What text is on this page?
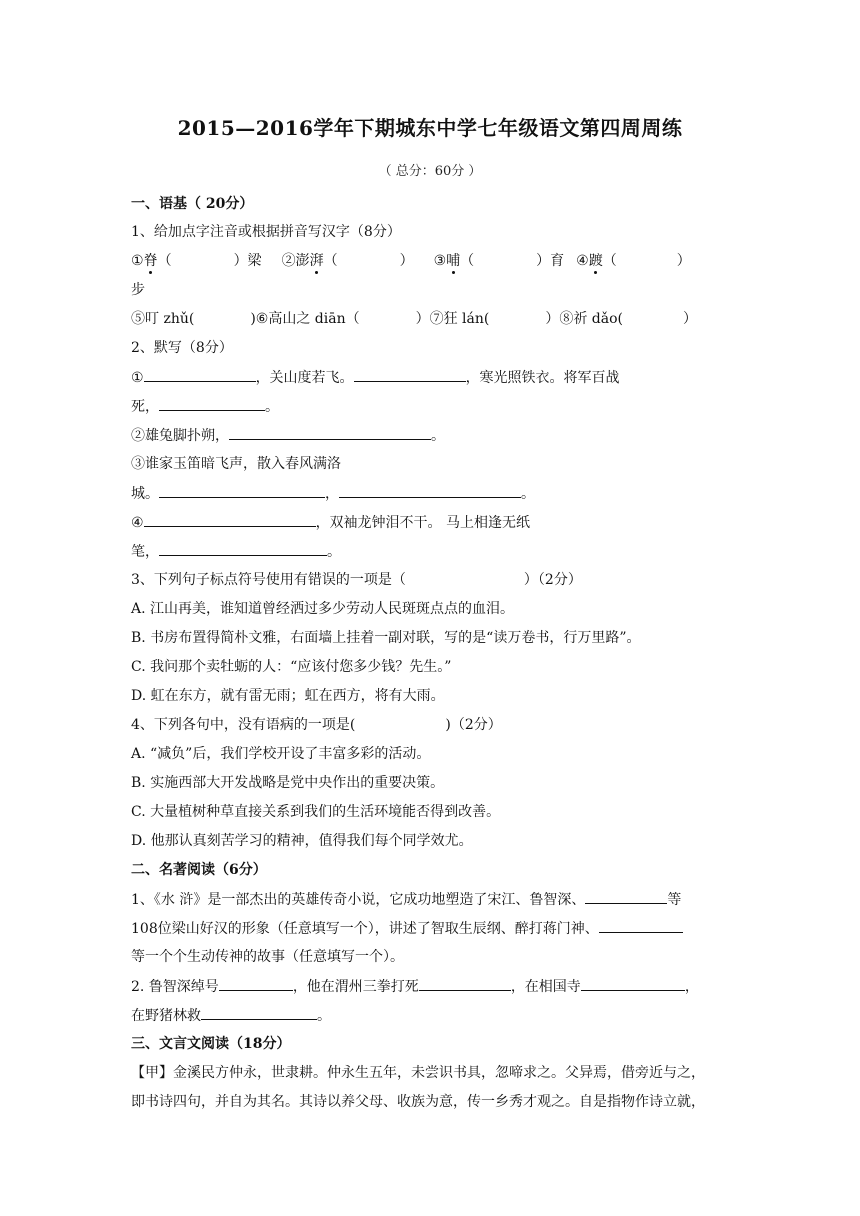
2015—2016学年下期城东中学七年级语文第四周周练
（ 总分：60分 ）
一、语基（ 20分）
1、给加点字注音或根据拼音写汉字（8分）
①脊（	）梁 ②澎湃（	） ③哺（	）育 ④踱（	）
步
⑤叮 zhǔ(	)⑥高山之 diān（	）⑦狂 lán(	）⑧祈 dǎo(	）
2、默写（8分）
①	，关山度若飞。	，寒光照铁衣。将军百战
死，	。
②雄兔脚扑朔，	。
③谁家玉笛暗飞声，散入春风满洛
城。	，	。
④	，双袖龙钟泪不干。 马上相逢无纸
笔，	。
3、下列句子标点符号使用有错误的一项是（	）（2分）
A. 江山再美，谁知道曾经洒过多少劳动人民斑斑点点的血泪。
B. 书房布置得简朴文雅，右面墙上挂着一副对联，写的是“读万卷书，行万里路”。
C. 我问那个卖牡蛎的人：“应该付您多少钱？先生。”
D. 虹在东方，就有雷无雨；虹在西方，将有大雨。
4、下列各句中，没有语病的一项是(	)（2分）
A. “减负”后，我们学校开设了丰富多彩的活动。
B. 实施西部大开发战略是党中央作出的重要决策。
C. 大量植树种草直接关系到我们的生活环境能否得到改善。
D. 他那认真刻苦学习的精神，值得我们每个同学效尤。
二、名著阅读（6分）
1、《水 浒》是一部杰出的英雄传奇小说，它成功地塑造了宋江、鲁智深、	等
108位梁山好汉的形象（任意填写一个），讲述了智取生辰纲、醉打蒋门神、
等一个个生动传神的故事（任意填写一个）。
2. 鲁智深绰号	，他在渭州三拳打死	，在相国寺	，
在野猪林救	。
三、文言文阅读（18分）
【甲】金溪民方仲永，世隶耕。仲永生五年，未尝识书具，忽啼求之。父异焉，借旁近与之，
即书诗四句，并自为其名。其诗以养父母、收族为意，传一乡秀才观之。自是指物作诗立就，
